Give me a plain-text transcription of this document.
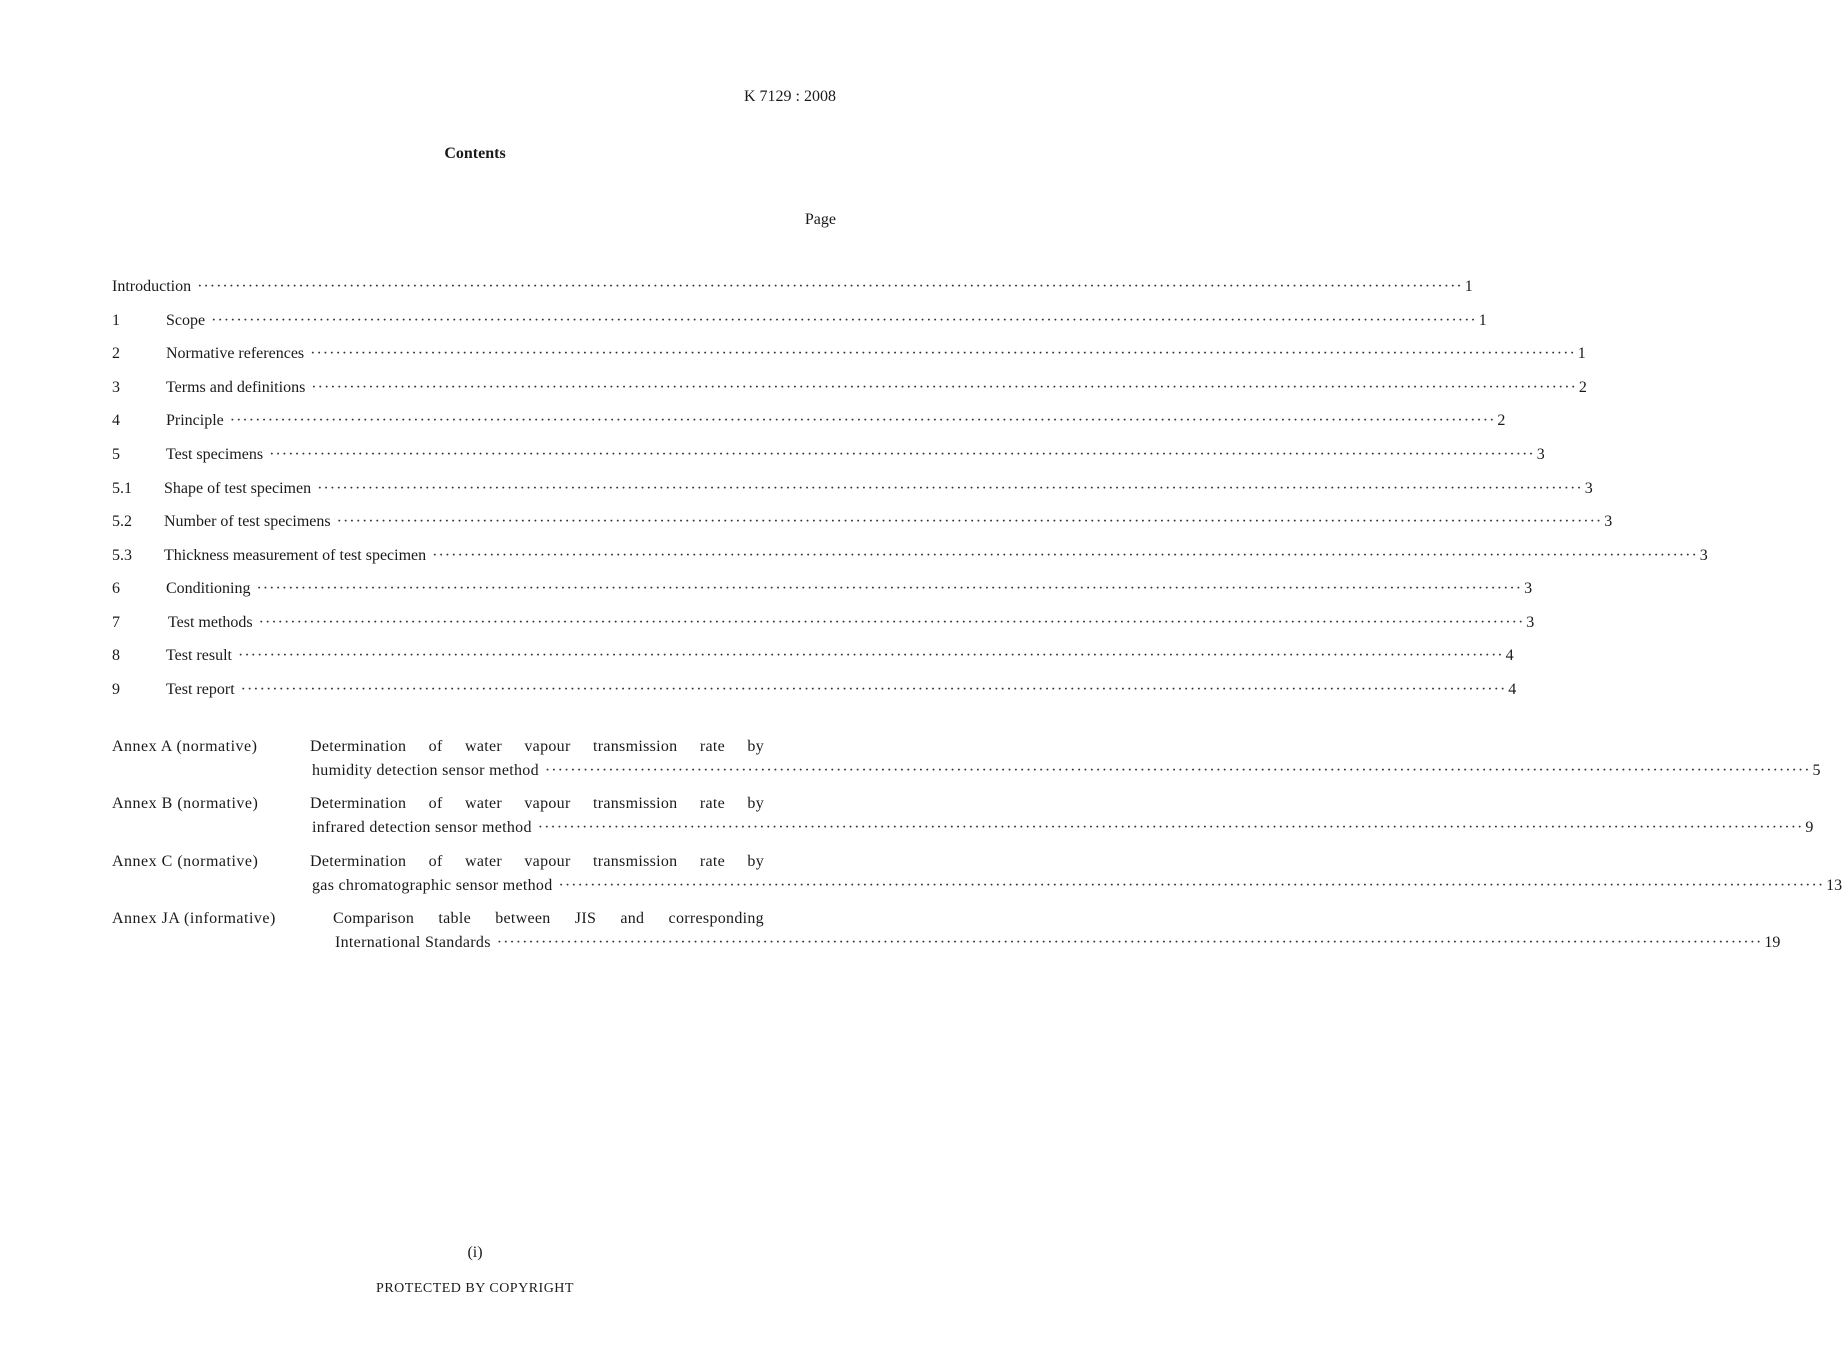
K 7129 : 2008
Contents
Page
Introduction ········································································································································································································ 1
1	Scope ········································································································································································································ 1
2	Normative references ········································································································································································································ 1
3	Terms and definitions ········································································································································································································ 2
4	Principle ········································································································································································································ 2
5	Test specimens ········································································································································································································ 3
5.1 Shape of test specimen ········································································································································································································ 3
5.2 Number of test specimens ········································································································································································································ 3
5.3 Thickness measurement of test specimen ········································································································································································································ 3
6	Conditioning ········································································································································································································ 3
7	Test methods ········································································································································································································ 3
8	Test result ········································································································································································································ 4
9	Test report ········································································································································································································ 4
Annex A (normative)	Determination of water vapour transmission rate by
humidity detection sensor method ········································································································································································································ 5
Annex B (normative)	Determination of water vapour transmission rate by
infrared detection sensor method ········································································································································································································ 9
Annex C (normative)	Determination of water vapour transmission rate by
gas chromatographic sensor method ········································································································································································································ 13
Annex JA (informative)	Comparison table between JIS and corresponding
International Standards ········································································································································································································ 19
(i)
PROTECTED BY COPYRIGHT
